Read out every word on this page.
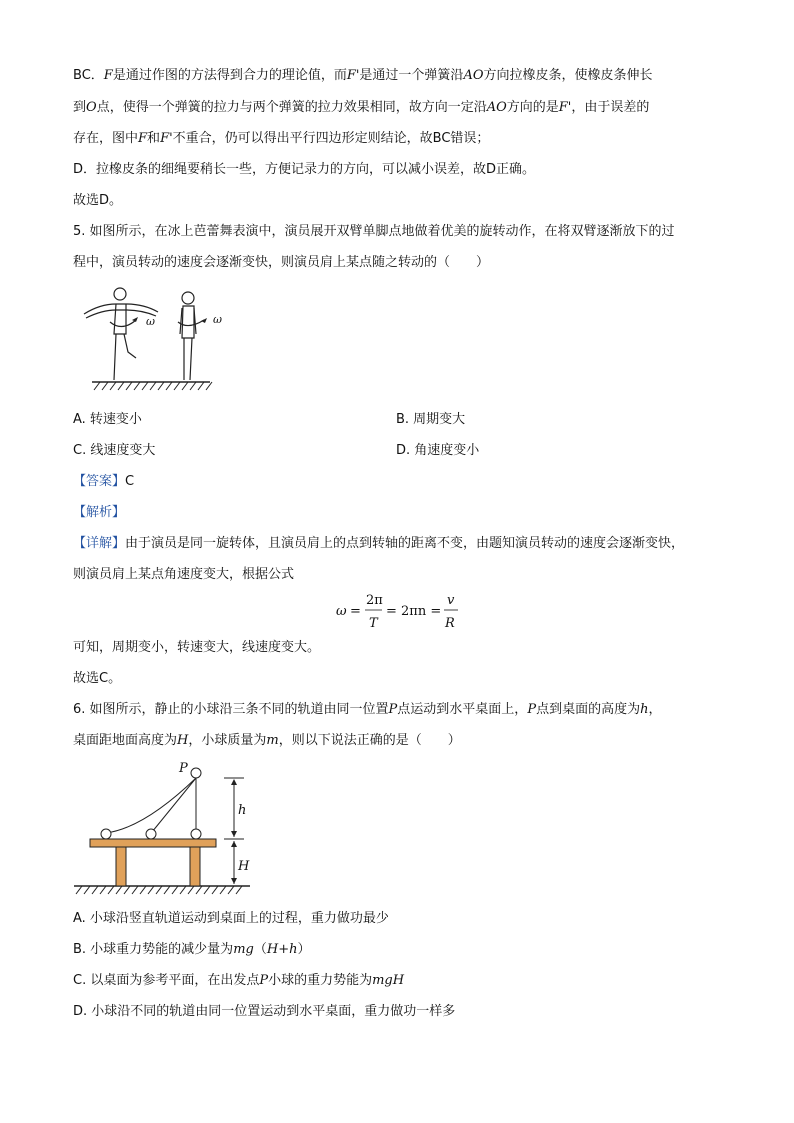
BC．F是通过作图的方法得到合力的理论值，而F'是通过一个弹簧沿AO方向拉橡皮条，使橡皮条伸长
到O点，使得一个弹簧的拉力与两个弹簧的拉力效果相同，故方向一定沿AO方向的是F'，由于误差的
存在，图中F和F'不重合，仍可以得出平行四边形定则结论，故BC错误；
D．拉橡皮条的细绳要稍长一些，方便记录力的方向，可以减小误差，故D正确。
故选D。
5. 如图所示，在冰上芭蕾舞表演中，演员展开双臂单脚点地做着优美的旋转动作，在将双臂逐渐放下的过
程中，演员转动的速度会逐渐变快，则演员肩上某点随之转动的（　　）
ω	ω
A. 转速变小	B. 周期变大
C. 线速度变大	D. 角速度变小
【答案】C
【解析】
【详解】由于演员是同一旋转体，且演员肩上的点到转轴的距离不变，由题知演员转动的速度会逐渐变快，
则演员肩上某点角速度变大，根据公式
ω =
2π
T
= 2πn =
v
R
可知，周期变小，转速变大，线速度变大。
故选C。
6. 如图所示，静止的小球沿三条不同的轨道由同一位置P点运动到水平桌面上，P点到桌面的高度为h，
桌面距地面高度为H，小球质量为m，则以下说法正确的是（　　）
P
h
H
A. 小球沿竖直轨道运动到桌面上的过程，重力做功最少
B. 小球重力势能的减少量为mg（H+h）
C. 以桌面为参考平面，在出发点P小球的重力势能为mgH
D. 小球沿不同的轨道由同一位置运动到水平桌面，重力做功一样多
